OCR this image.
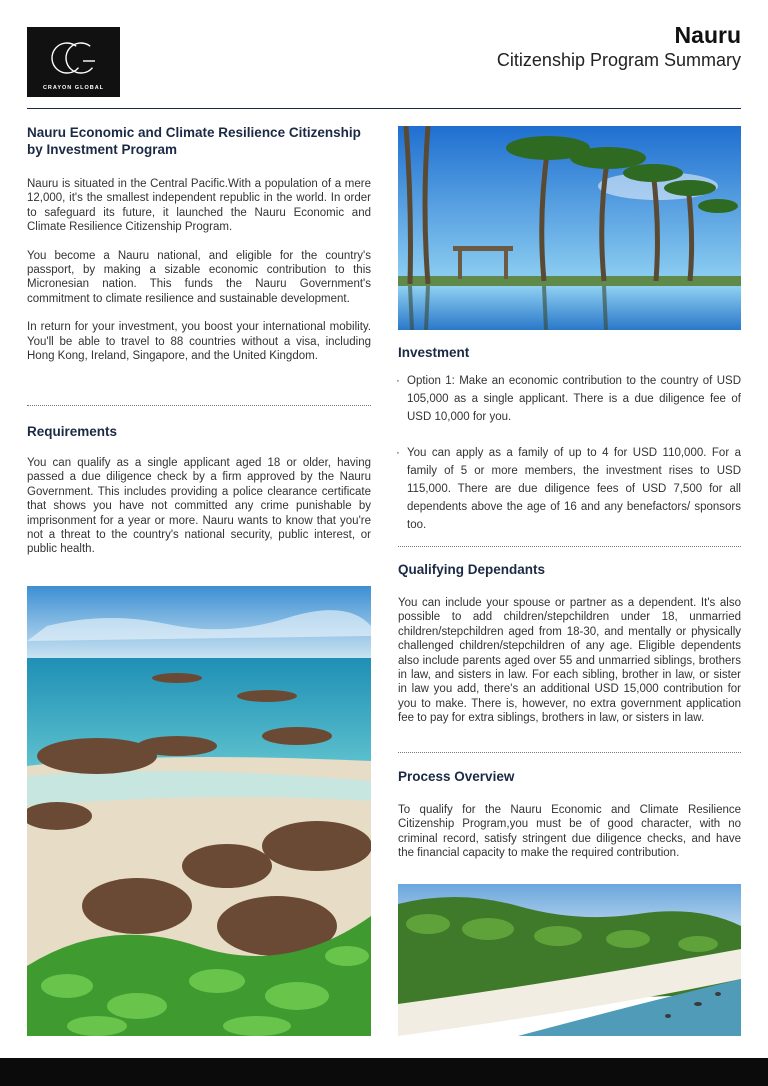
CRAYON GLOBAL
Nauru
Citizenship Program Summary
Nauru Economic and Climate Resilience Citizenship by Investment Program

Nauru is situated in the Central Pacific.With a population of a mere 12,000, it's the smallest independent republic in the world. In order to safeguard its future, it launched the Nauru Economic and Climate Resilience Citizenship Program.

You become a Nauru national, and eligible for the country's passport, by making a sizable economic contribution to this Micronesian nation. This funds the Nauru Government's commitment to climate resilience and sustainable development.

In return for your investment, you boost your international mobility. You'll be able to travel to 88 countries without a visa, including Hong Kong, Ireland, Singapore, and the United Kingdom.

Requirements

You can qualify as a single applicant aged 18 or older, having passed a due diligence check by a firm approved by the Nauru Government. This includes providing a police clearance certificate that shows you have not committed any crime punishable by imprisonment for a year or more. Nauru wants to know that you're not a threat to the country's national security, public interest, or public health.

Investment
· Option 1: Make an economic contribution to the country of USD 105,000 as a single applicant. There is a due diligence fee of USD 10,000 for you.
· You can apply as a family of up to 4 for USD 110,000. For a family of 5 or more members, the investment rises to USD 115,000. There are due diligence fees of USD 7,500 for all dependents above the age of 16 and any benefactors/ sponsors too.
Qualifying Dependants

You can include your spouse or partner as a dependent. It's also possible to add children/stepchildren under 18, unmarried children/stepchildren aged from 18-30, and mentally or physically challenged children/stepchildren of any age. Eligible dependents also include parents aged over 55 and unmarried siblings, brothers in law, and sisters in law. For each sibling, brother in law, or sister in law you add, there's an additional USD 15,000 contribution for you to make. There is, however, no extra government application fee to pay for extra siblings, brothers in law, or sisters in law.

Process Overview

To qualify for the Nauru Economic and Climate Resilience Citizenship Program,you must be of good character, with no criminal record, satisfy stringent due diligence checks, and have the financial capacity to make the required contribution.
